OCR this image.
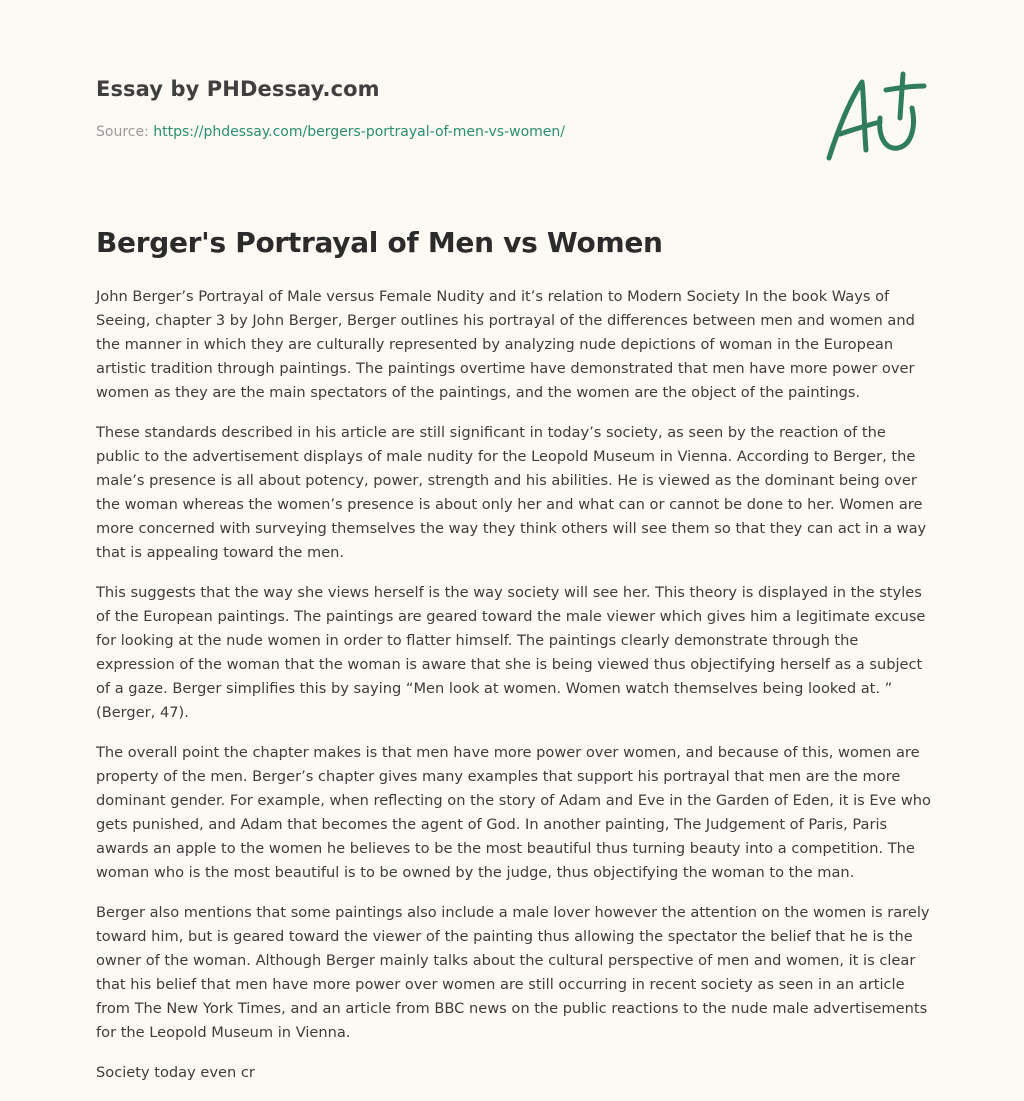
Essay by PHDessay.com

Source: https://phdessay.com/bergers-portrayal-of-men-vs-women/

Berger's Portrayal of Men vs Women

John Berger’s Portrayal of Male versus Female Nudity and it’s relation to Modern Society In the book Ways of Seeing, chapter 3 by John Berger, Berger outlines his portrayal of the differences between men and women and the manner in which they are culturally represented by analyzing nude depictions of woman in the European artistic tradition through paintings. The paintings overtime have demonstrated that men have more power over women as they are the main spectators of the paintings, and the women are the object of the paintings.

These standards described in his article are still significant in today’s society, as seen by the reaction of the public to the advertisement displays of male nudity for the Leopold Museum in Vienna. According to Berger, the male’s presence is all about potency, power, strength and his abilities. He is viewed as the dominant being over the woman whereas the women’s presence is about only her and what can or cannot be done to her. Women are more concerned with surveying themselves the way they think others will see them so that they can act in a way that is appealing toward the men.

This suggests that the way she views herself is the way society will see her. This theory is displayed in the styles of the European paintings. The paintings are geared toward the male viewer which gives him a legitimate excuse for looking at the nude women in order to flatter himself. The paintings clearly demonstrate through the expression of the woman that the woman is aware that she is being viewed thus objectifying herself as a subject of a gaze. Berger simplifies this by saying “Men look at women. Women watch themselves being looked at. ” (Berger, 47).

The overall point the chapter makes is that men have more power over women, and because of this, women are property of the men. Berger’s chapter gives many examples that support his portrayal that men are the more dominant gender. For example, when reflecting on the story of Adam and Eve in the Garden of Eden, it is Eve who gets punished, and Adam that becomes the agent of God. In another painting, The Judgement of Paris, Paris awards an apple to the women he believes to be the most beautiful thus turning beauty into a competition. The woman who is the most beautiful is to be owned by the judge, thus objectifying the woman to the man.

Berger also mentions that some paintings also include a male lover however the attention on the women is rarely toward him, but is geared toward the viewer of the painting thus allowing the spectator the belief that he is the owner of the woman. Although Berger mainly talks about the cultural perspective of men and women, it is clear that his belief that men have more power over women are still occurring in recent society as seen in an article from The New York Times, and an article from BBC news on the public reactions to the nude male advertisements for the Leopold Museum in Vienna.

Society today even cr
